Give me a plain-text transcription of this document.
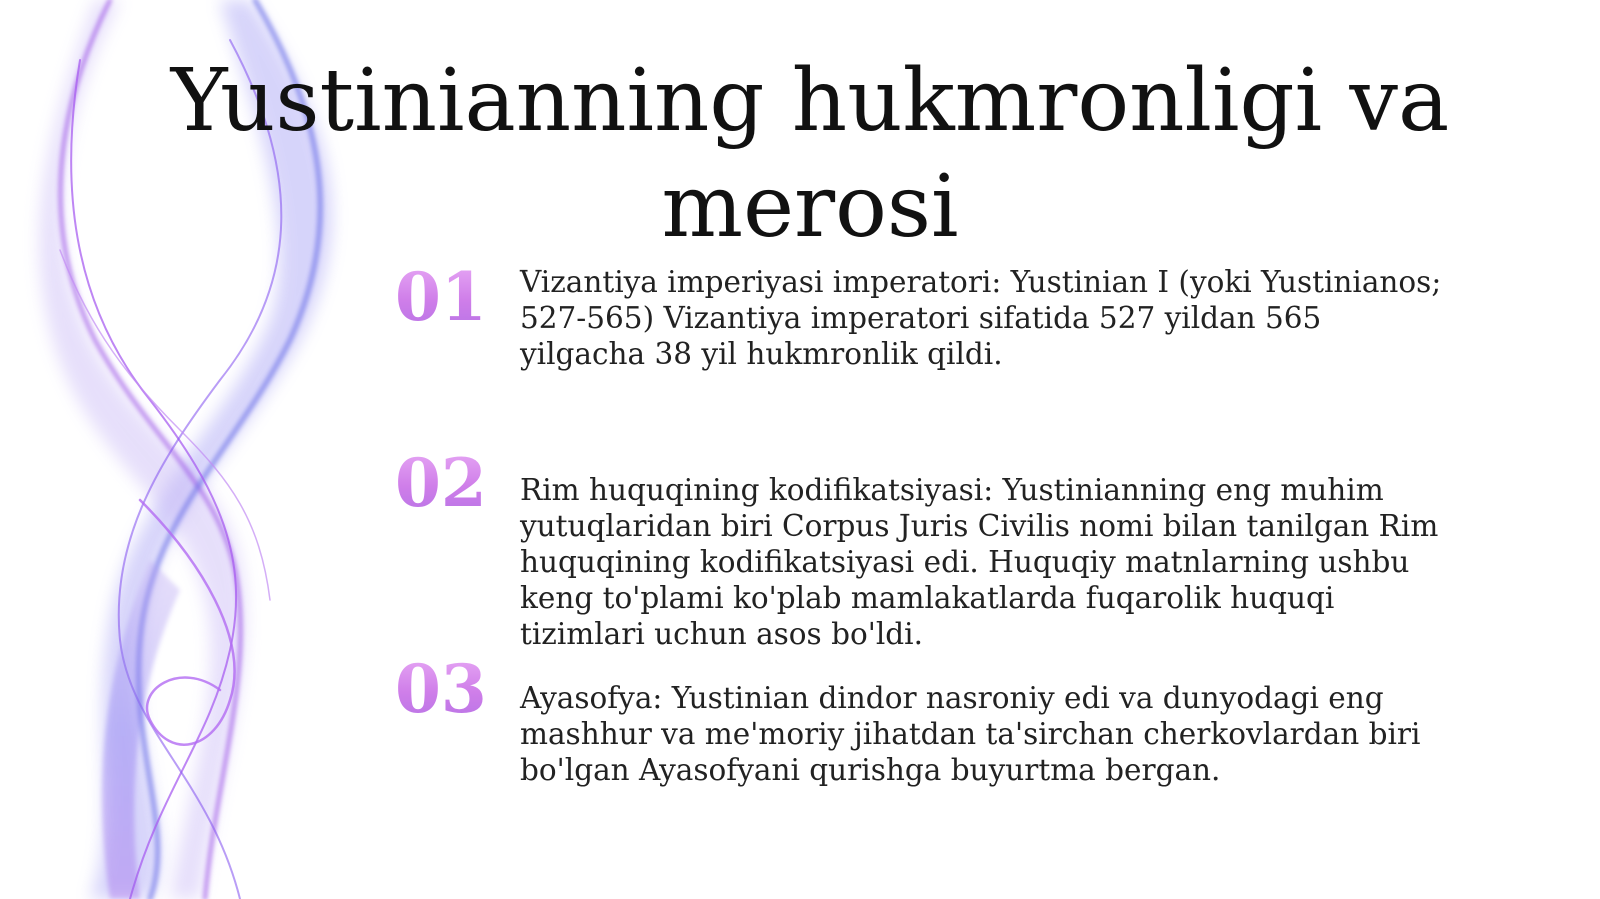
Yustinianning hukmronligi va merosi
01 Vizantiya imperiyasi imperatori: Yustinian I (yoki Yustinianos; 527-565) Vizantiya imperatori sifatida 527 yildan 565 yilgacha 38 yil hukmronlik qildi.
02 Rim huquqining kodifikatsiyasi: Yustinianning eng muhim yutuqlaridan biri Corpus Juris Civilis nomi bilan tanilgan Rim huquqining kodifikatsiyasi edi. Huquqiy matnlarning ushbu keng to'plami ko'plab mamlakatlarda fuqarolik huquqi tizimlari uchun asos bo'ldi.
03 Ayasofya: Yustinian dindor nasroniy edi va dunyodagi eng mashhur va me'moriy jihatdan ta'sirchan cherkovlardan biri bo'lgan Ayasofyani qurishga buyurtma bergan.
